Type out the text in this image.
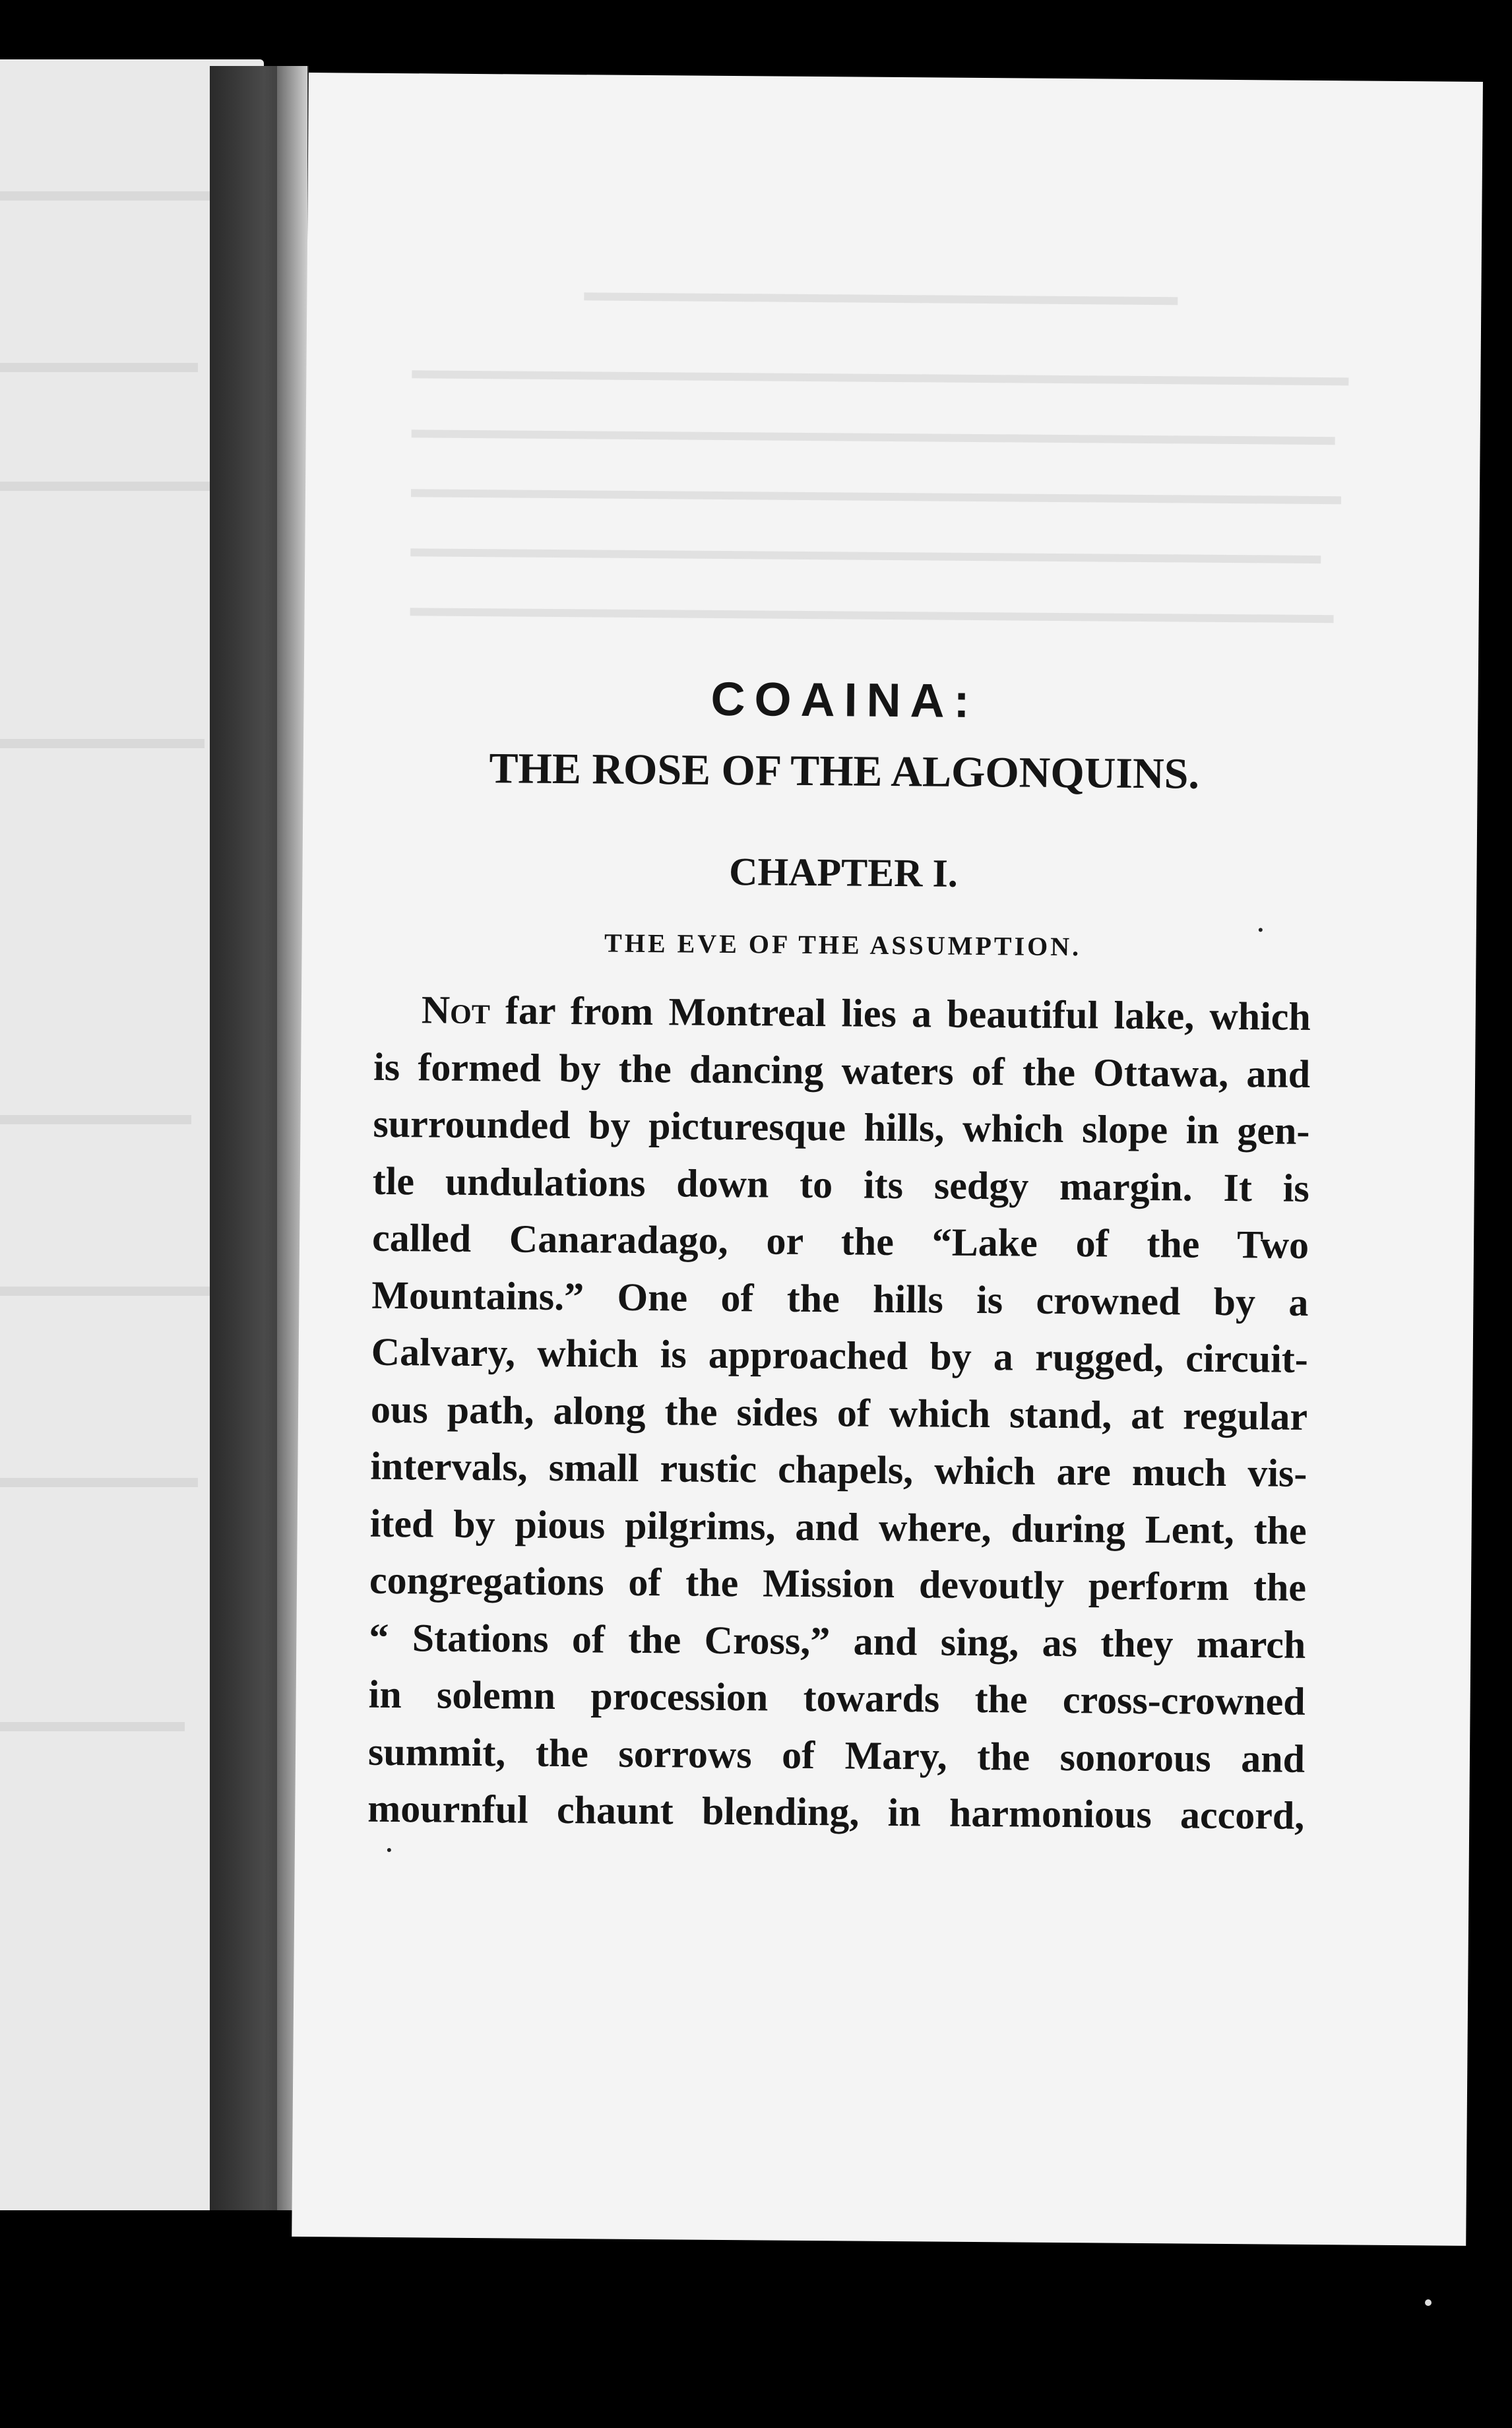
COAINA:
THE ROSE OF THE ALGONQUINS.
CHAPTER I.
THE EVE OF THE ASSUMPTION.
Not far from Montreal lies a beautiful lake, which
is formed by the dancing waters of the Ottawa, and
surrounded by picturesque hills, which slope in gen-
tle undulations down to its sedgy margin. It is
called Canaradago, or the “Lake of the Two
Mountains.” One of the hills is crowned by a
Calvary, which is approached by a rugged, circuit-
ous path, along the sides of which stand, at regular
intervals, small rustic chapels, which are much vis-
ited by pious pilgrims, and where, during Lent, the
congregations of the Mission devoutly perform the
“ Stations of the Cross,” and sing, as they march
in solemn procession towards the cross-crowned
summit, the sorrows of Mary, the sonorous and
mournful chaunt blending, in harmonious accord,
